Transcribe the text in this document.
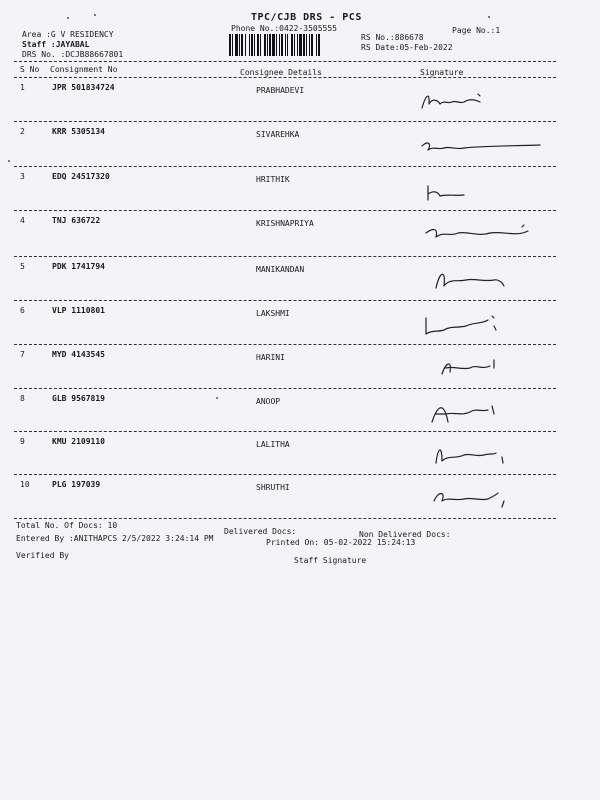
TPC/CJB DRS - PCS
Phone No.:0422-3505555
Area :G V RESIDENCY
Staff :JAYABAL
DRS No. :DCJB88667801
Page No.:1
RS No.:886678
RS Date:05-Feb-2022
S No Consignment No	Consignee Details	Signature
1	JPR 501834724	PRABHADEVI
2	KRR 5305134	SIVAREHKA
3	EDQ 24517320	HRITHIK
4	TNJ 636722	KRISHNAPRIYA
5	PDK 1741794	MANIKANDAN
6	VLP 1110801	LAKSHMI
7	MYD 4143545	HARINI
8	GLB 9567819	ANOOP
9	KMU 2109110	LALITHA
10	PLG 197039	SHRUTHI
Total No. Of Docs: 10
Delivered Docs:	Non Delivered Docs:
Entered By :ANITHAPCS 2/5/2022 3:24:14 PM	Printed On: 05-02-2022 15:24:13
Verified By
Staff Signature
